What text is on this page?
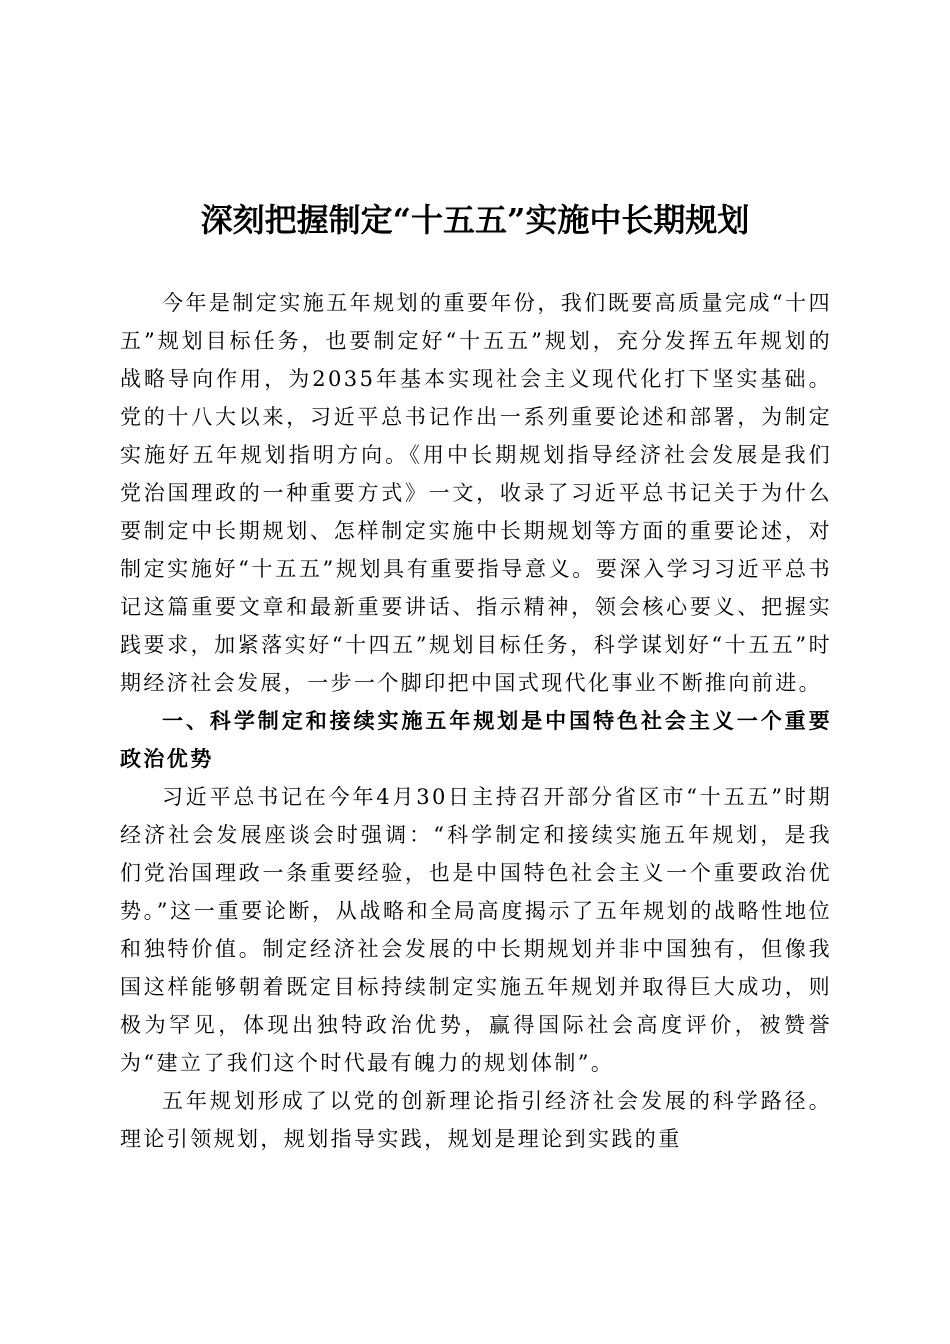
深刻把握制定“十五五”实施中长期规划

今年是制定实施五年规划的重要年份，我们既要高质量完成“十四五”规划目标任务，也要制定好“十五五”规划，充分发挥五年规划的战略导向作用，为2035年基本实现社会主义现代化打下坚实基础。党的十八大以来，习近平总书记作出一系列重要论述和部署，为制定实施好五年规划指明方向。《用中长期规划指导经济社会发展是我们党治国理政的一种重要方式》一文，收录了习近平总书记关于为什么要制定中长期规划、怎样制定实施中长期规划等方面的重要论述，对制定实施好“十五五”规划具有重要指导意义。要深入学习习近平总书记这篇重要文章和最新重要讲话、指示精神，领会核心要义、把握实践要求，加紧落实好“十四五”规划目标任务，科学谋划好“十五五”时期经济社会发展，一步一个脚印把中国式现代化事业不断推向前进。

一、科学制定和接续实施五年规划是中国特色社会主义一个重要政治优势

习近平总书记在今年4月30日主持召开部分省区市“十五五”时期经济社会发展座谈会时强调：“科学制定和接续实施五年规划，是我们党治国理政一条重要经验，也是中国特色社会主义一个重要政治优势。”这一重要论断，从战略和全局高度揭示了五年规划的战略性地位和独特价值。制定经济社会发展的中长期规划并非中国独有，但像我国这样能够朝着既定目标持续制定实施五年规划并取得巨大成功，则极为罕见，体现出独特政治优势，赢得国际社会高度评价，被赞誉为“建立了我们这个时代最有魄力的规划体制”。

五年规划形成了以党的创新理论指引经济社会发展的科学路径。理论引领规划，规划指导实践，规划是理论到实践的重
